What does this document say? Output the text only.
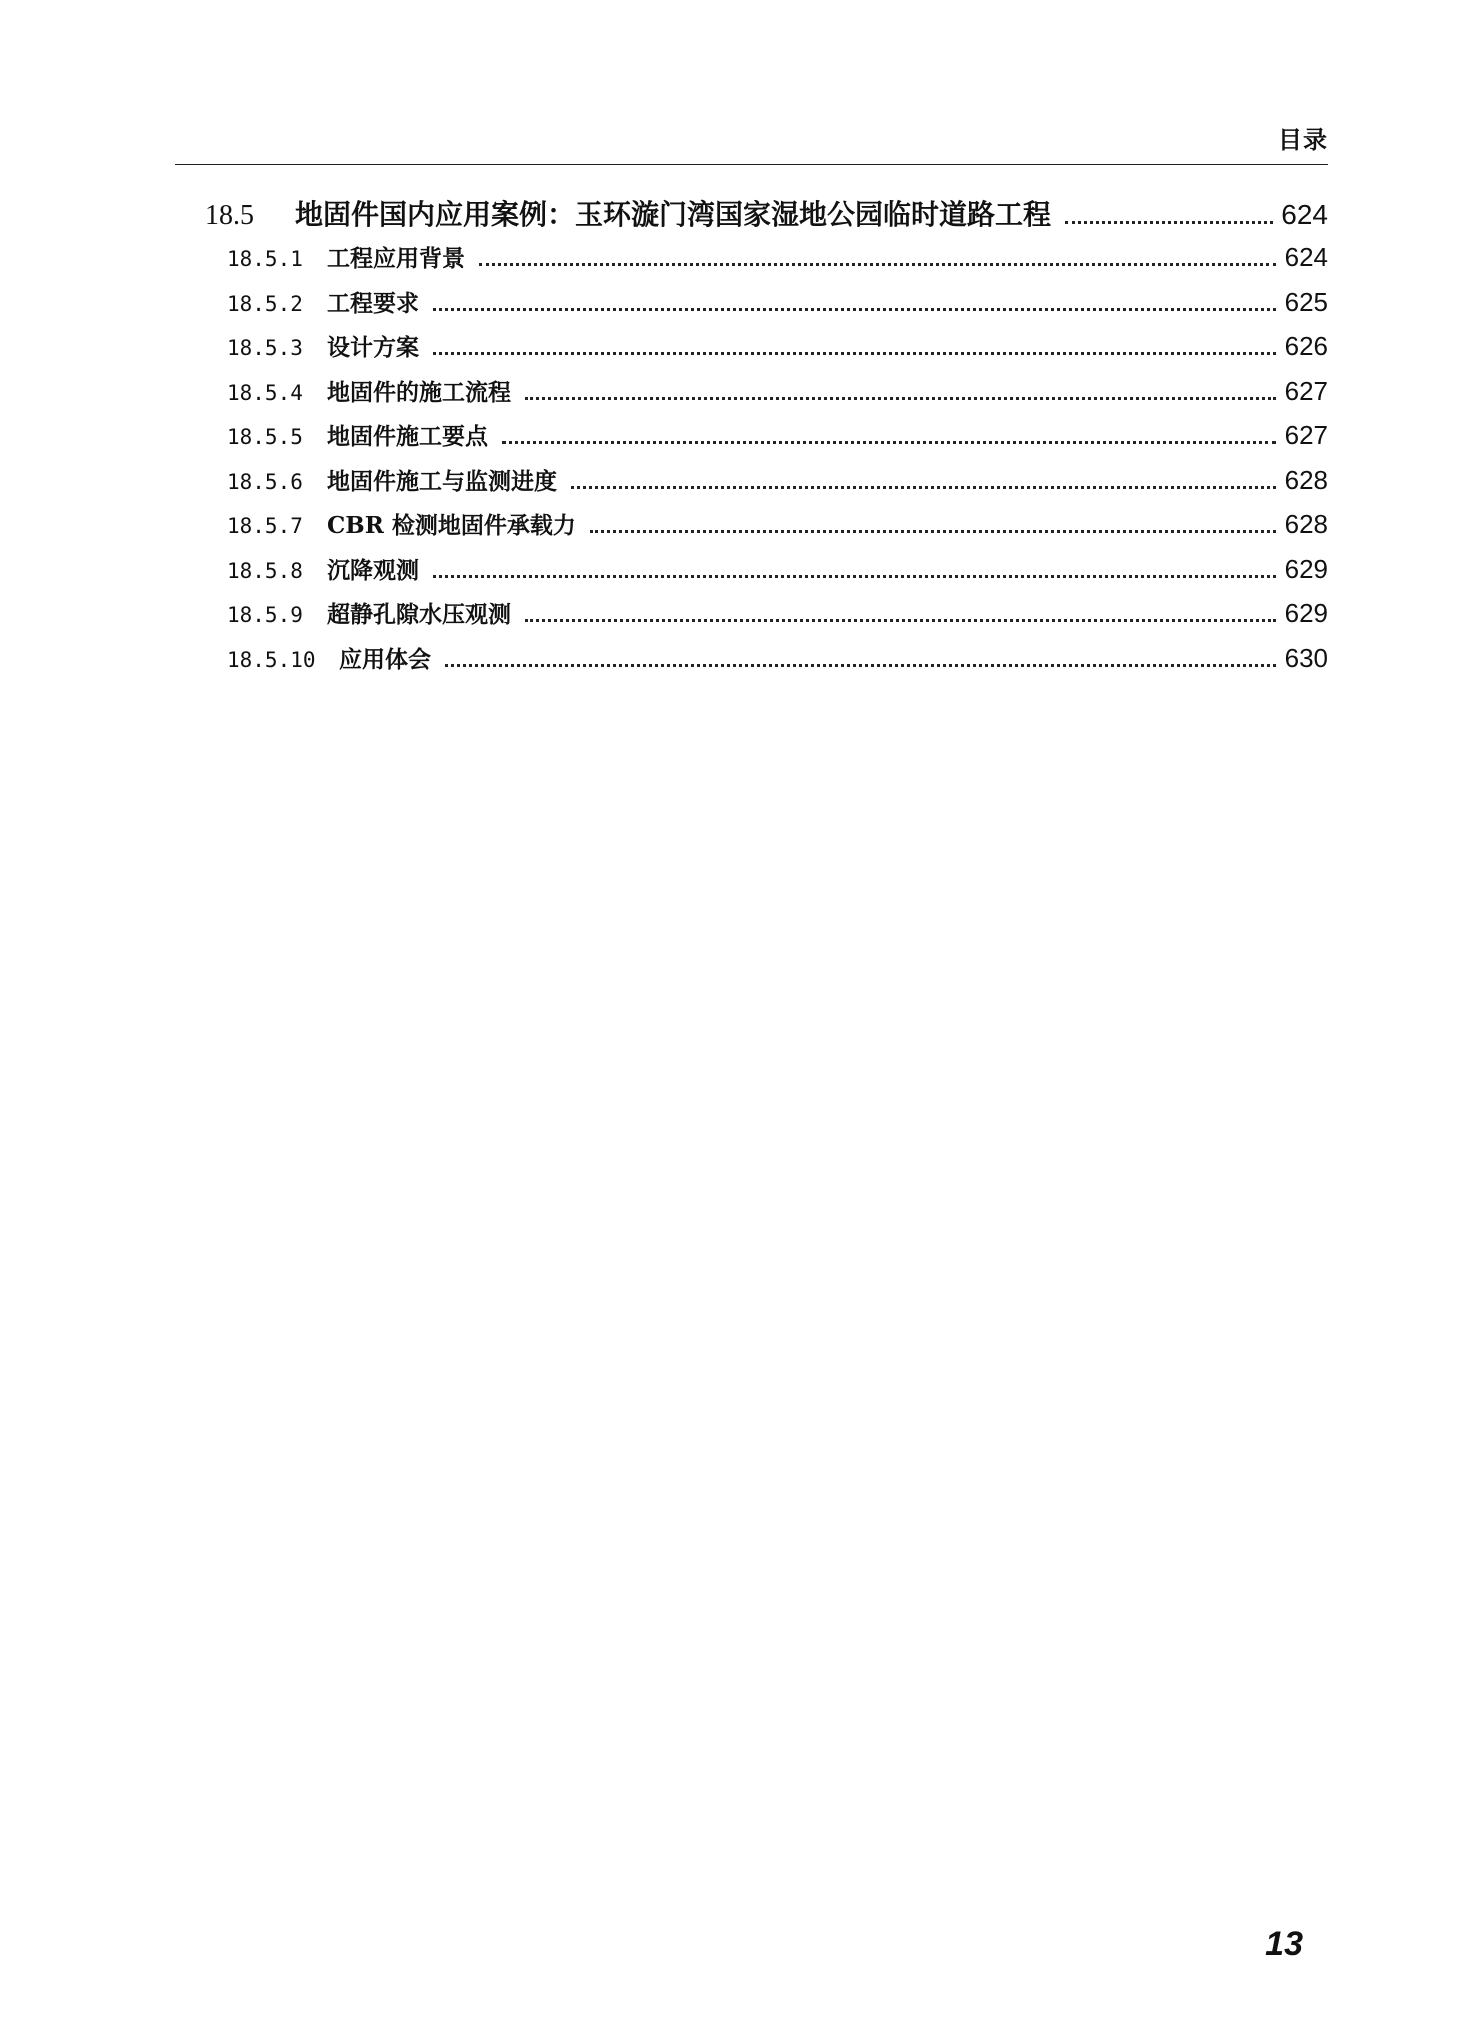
目录
18.5	地固件国内应用案例：玉环漩门湾国家湿地公园临时道路工程	624
18.5.1	工程应用背景	624
18.5.2	工程要求	625
18.5.3	设计方案	626
18.5.4	地固件的施工流程	627
18.5.5	地固件施工要点	627
18.5.6	地固件施工与监测进度	628
18.5.7	CBR 检测地固件承载力	628
18.5.8	沉降观测	629
18.5.9	超静孔隙水压观测	629
18.5.10	应用体会	630
13
